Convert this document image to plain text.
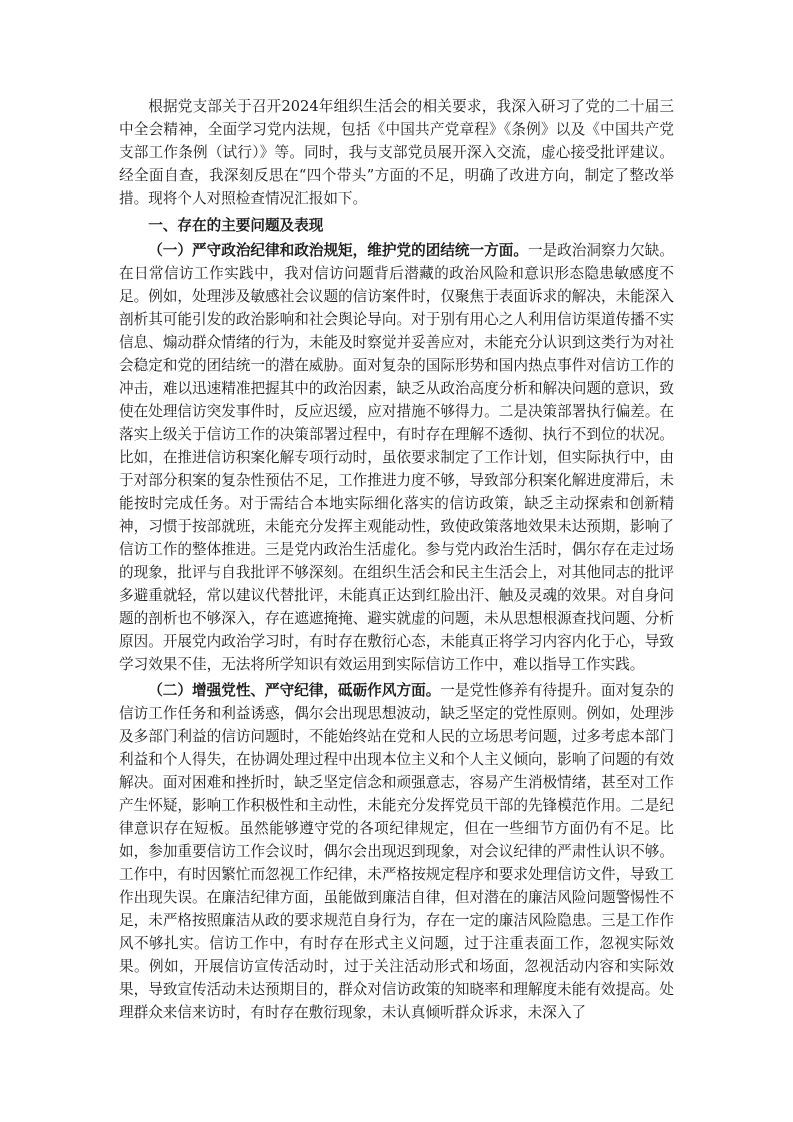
根据党支部关于召开2024年组织生活会的相关要求，我深入研习了党的二十届三中全会精神，全面学习党内法规，包括《中国共产党章程》《条例》以及《中国共产党支部工作条例（试行）》等。同时，我与支部党员展开深入交流，虚心接受批评建议。经全面自查，我深刻反思在“四个带头”方面的不足，明确了改进方向，制定了整改举措。现将个人对照检查情况汇报如下。

一、存在的主要问题及表现

（一）严守政治纪律和政治规矩，维护党的团结统一方面。一是政治洞察力欠缺。在日常信访工作实践中，我对信访问题背后潜藏的政治风险和意识形态隐患敏感度不足。例如，处理涉及敏感社会议题的信访案件时，仅聚焦于表面诉求的解决，未能深入剖析其可能引发的政治影响和社会舆论导向。对于别有用心之人利用信访渠道传播不实信息、煽动群众情绪的行为，未能及时察觉并妥善应对，未能充分认识到这类行为对社会稳定和党的团结统一的潜在威胁。面对复杂的国际形势和国内热点事件对信访工作的冲击，难以迅速精准把握其中的政治因素，缺乏从政治高度分析和解决问题的意识，致使在处理信访突发事件时，反应迟缓，应对措施不够得力。二是决策部署执行偏差。在落实上级关于信访工作的决策部署过程中，有时存在理解不透彻、执行不到位的状况。比如，在推进信访积案化解专项行动时，虽依要求制定了工作计划，但实际执行中，由于对部分积案的复杂性预估不足，工作推进力度不够，导致部分积案化解进度滞后，未能按时完成任务。对于需结合本地实际细化落实的信访政策，缺乏主动探索和创新精神，习惯于按部就班，未能充分发挥主观能动性，致使政策落地效果未达预期，影响了信访工作的整体推进。三是党内政治生活虚化。参与党内政治生活时，偶尔存在走过场的现象，批评与自我批评不够深刻。在组织生活会和民主生活会上，对其他同志的批评多避重就轻，常以建议代替批评，未能真正达到红脸出汗、触及灵魂的效果。对自身问题的剖析也不够深入，存在遮遮掩掩、避实就虚的问题，未从思想根源查找问题、分析原因。开展党内政治学习时，有时存在敷衍心态，未能真正将学习内容内化于心，导致学习效果不佳，无法将所学知识有效运用到实际信访工作中，难以指导工作实践。

（二）增强党性、严守纪律，砥砺作风方面。一是党性修养有待提升。面对复杂的信访工作任务和利益诱惑，偶尔会出现思想波动，缺乏坚定的党性原则。例如，处理涉及多部门利益的信访问题时，不能始终站在党和人民的立场思考问题，过多考虑本部门利益和个人得失，在协调处理过程中出现本位主义和个人主义倾向，影响了问题的有效解决。面对困难和挫折时，缺乏坚定信念和顽强意志，容易产生消极情绪，甚至对工作产生怀疑，影响工作积极性和主动性，未能充分发挥党员干部的先锋模范作用。二是纪律意识存在短板。虽然能够遵守党的各项纪律规定，但在一些细节方面仍有不足。比如，参加重要信访工作会议时，偶尔会出现迟到现象，对会议纪律的严肃性认识不够。工作中，有时因繁忙而忽视工作纪律，未严格按规定程序和要求处理信访文件，导致工作出现失误。在廉洁纪律方面，虽能做到廉洁自律，但对潜在的廉洁风险问题警惕性不足，未严格按照廉洁从政的要求规范自身行为，存在一定的廉洁风险隐患。三是工作作风不够扎实。信访工作中，有时存在形式主义问题，过于注重表面工作，忽视实际效果。例如，开展信访宣传活动时，过于关注活动形式和场面，忽视活动内容和实际效果，导致宣传活动未达预期目的，群众对信访政策的知晓率和理解度未能有效提高。处理群众来信来访时，有时存在敷衍现象，未认真倾听群众诉求，未深入了
